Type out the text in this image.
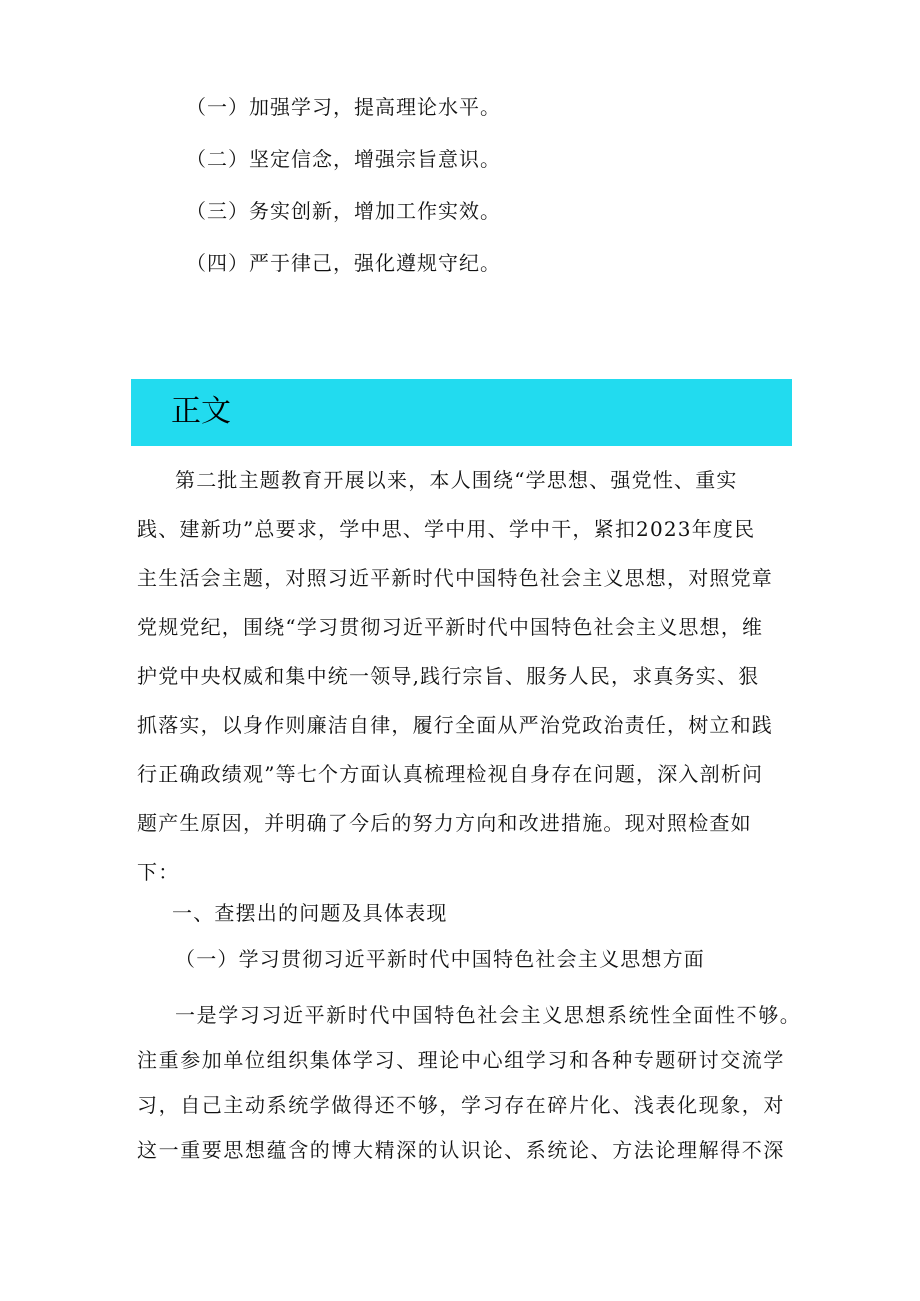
（一）加强学习，提高理论水平。
（二）坚定信念，增强宗旨意识。
（三）务实创新，增加工作实效。
（四）严于律己，强化遵规守纪。
正文
第二批主题教育开展以来，本人围绕“学思想、强党性、重实
践、建新功”总要求，学中思、学中用、学中干，紧扣2023年度民
主生活会主题，对照习近平新时代中国特色社会主义思想，对照党章
党规党纪，围绕“学习贯彻习近平新时代中国特色社会主义思想，维
护党中央权威和集中统一领导,践行宗旨、服务人民，求真务实、狠
抓落实，以身作则廉洁自律，履行全面从严治党政治责任，树立和践
行正确政绩观”等七个方面认真梳理检视自身存在问题，深入剖析问
题产生原因，并明确了今后的努力方向和改进措施。现对照检查如
下：
一、查摆出的问题及具体表现
（一）学习贯彻习近平新时代中国特色社会主义思想方面
一是学习习近平新时代中国特色社会主义思想系统性全面性不够。
注重参加单位组织集体学习、理论中心组学习和各种专题研讨交流学
习，自己主动系统学做得还不够，学习存在碎片化、浅表化现象，对
这一重要思想蕴含的博大精深的认识论、系统论、方法论理解得不深
